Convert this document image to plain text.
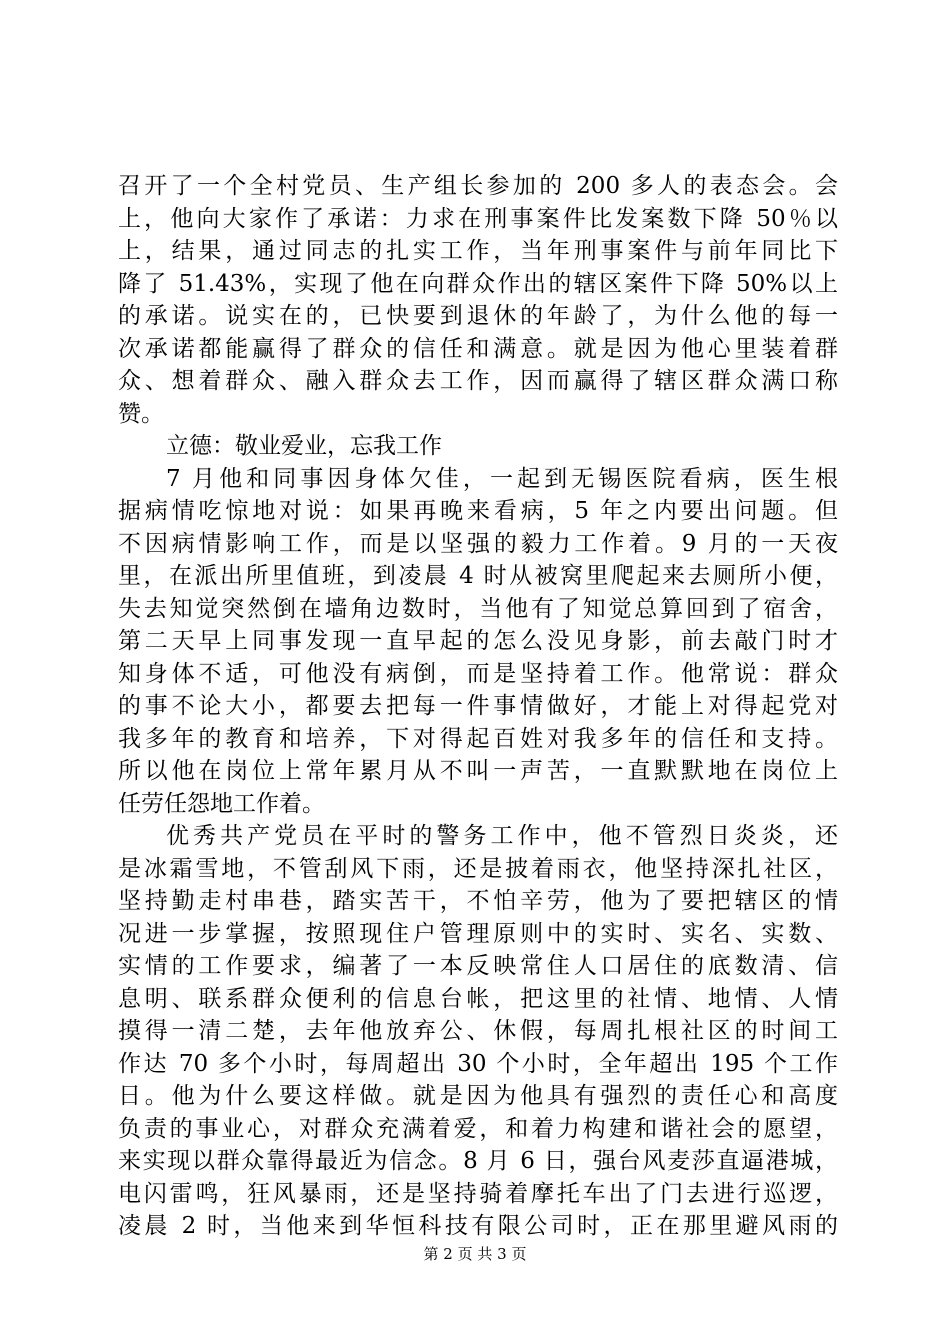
召开了一个全村党员、生产组长参加的 200 多人的表态会。会
上，他向大家作了承诺：力求在刑事案件比发案数下降 50％以
上，结果，通过同志的扎实工作，当年刑事案件与前年同比下
降了 51.43%，实现了他在向群众作出的辖区案件下降 50%以上
的承诺。说实在的，已快要到退休的年龄了，为什么他的每一
次承诺都能赢得了群众的信任和满意。就是因为他心里装着群
众、想着群众、融入群众去工作，因而赢得了辖区群众满口称
赞。
立德：敬业爱业，忘我工作
7 月他和同事因身体欠佳，一起到无锡医院看病，医生根
据病情吃惊地对说：如果再晚来看病，5 年之内要出问题。但
不因病情影响工作，而是以坚强的毅力工作着。9 月的一天夜
里，在派出所里值班，到凌晨 4 时从被窝里爬起来去厕所小便，
失去知觉突然倒在墙角边数时，当他有了知觉总算回到了宿舍，
第二天早上同事发现一直早起的怎么没见身影，前去敲门时才
知身体不适，可他没有病倒，而是坚持着工作。他常说：群众
的事不论大小，都要去把每一件事情做好，才能上对得起党对
我多年的教育和培养，下对得起百姓对我多年的信任和支持。
所以他在岗位上常年累月从不叫一声苦，一直默默地在岗位上
任劳任怨地工作着。
优秀共产党员在平时的警务工作中，他不管烈日炎炎，还
是冰霜雪地，不管刮风下雨，还是披着雨衣，他坚持深扎社区，
坚持勤走村串巷，踏实苦干，不怕辛劳，他为了要把辖区的情
况进一步掌握，按照现住户管理原则中的实时、实名、实数、
实情的工作要求，编著了一本反映常住人口居住的底数清、信
息明、联系群众便利的信息台帐，把这里的社情、地情、人情
摸得一清二楚，去年他放弃公、休假，每周扎根社区的时间工
作达 70 多个小时，每周超出 30 个小时，全年超出 195 个工作
日。他为什么要这样做。就是因为他具有强烈的责任心和高度
负责的事业心，对群众充满着爱，和着力构建和谐社会的愿望，
来实现以群众靠得最近为信念。8 月 6 日，强台风麦莎直逼港城，
电闪雷鸣，狂风暴雨，还是坚持骑着摩托车出了门去进行巡逻，
凌晨 2 时，当他来到华恒科技有限公司时，正在那里避风雨的
第 2 页 共 3 页
